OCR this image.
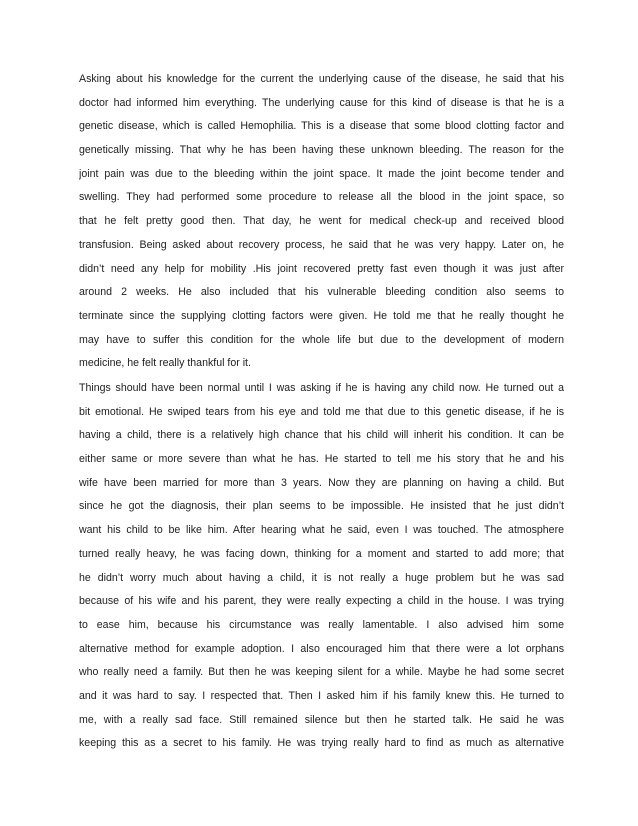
Asking about his knowledge for the current the underlying cause of the disease, he said that his
doctor had informed him everything. The underlying cause for this kind of disease is that he is a
genetic disease, which is called Hemophilia. This is a disease that some blood clotting factor and
genetically missing. That why he has been having these unknown bleeding. The reason for the
joint pain was due to the bleeding within the joint space. It made the joint become tender and
swelling. They had performed some procedure to release all the blood in the joint space, so
that he felt pretty good then. That day, he went for medical check-up and received blood
transfusion. Being asked about recovery process, he said that he was very happy. Later on, he
didn’t need any help for mobility .His joint recovered pretty fast even though it was just after
around 2 weeks. He also included that his vulnerable bleeding condition also seems to
terminate since the supplying clotting factors were given. He told me that he really thought he
may have to suffer this condition for the whole life but due to the development of modern
medicine, he felt really thankful for it.
Things should have been normal until I was asking if he is having any child now. He turned out a
bit emotional. He swiped tears from his eye and told me that due to this genetic disease, if he is
having a child, there is a relatively high chance that his child will inherit his condition. It can be
either same or more severe than what he has. He started to tell me his story that he and his
wife have been married for more than 3 years. Now they are planning on having a child. But
since he got the diagnosis, their plan seems to be impossible. He insisted that he just didn’t
want his child to be like him. After hearing what he said, even I was touched. The atmosphere
turned really heavy, he was facing down, thinking for a moment and started to add more; that
he didn’t worry much about having a child, it is not really a huge problem but he was sad
because of his wife and his parent, they were really expecting a child in the house. I was trying
to ease him, because his circumstance was really lamentable. I also advised him some
alternative method for example adoption. I also encouraged him that there were a lot orphans
who really need a family. But then he was keeping silent for a while. Maybe he had some secret
and it was hard to say. I respected that. Then I asked him if his family knew this. He turned to
me, with a really sad face. Still remained silence but then he started talk. He said he was
keeping this as a secret to his family. He was trying really hard to find as much as alternative
